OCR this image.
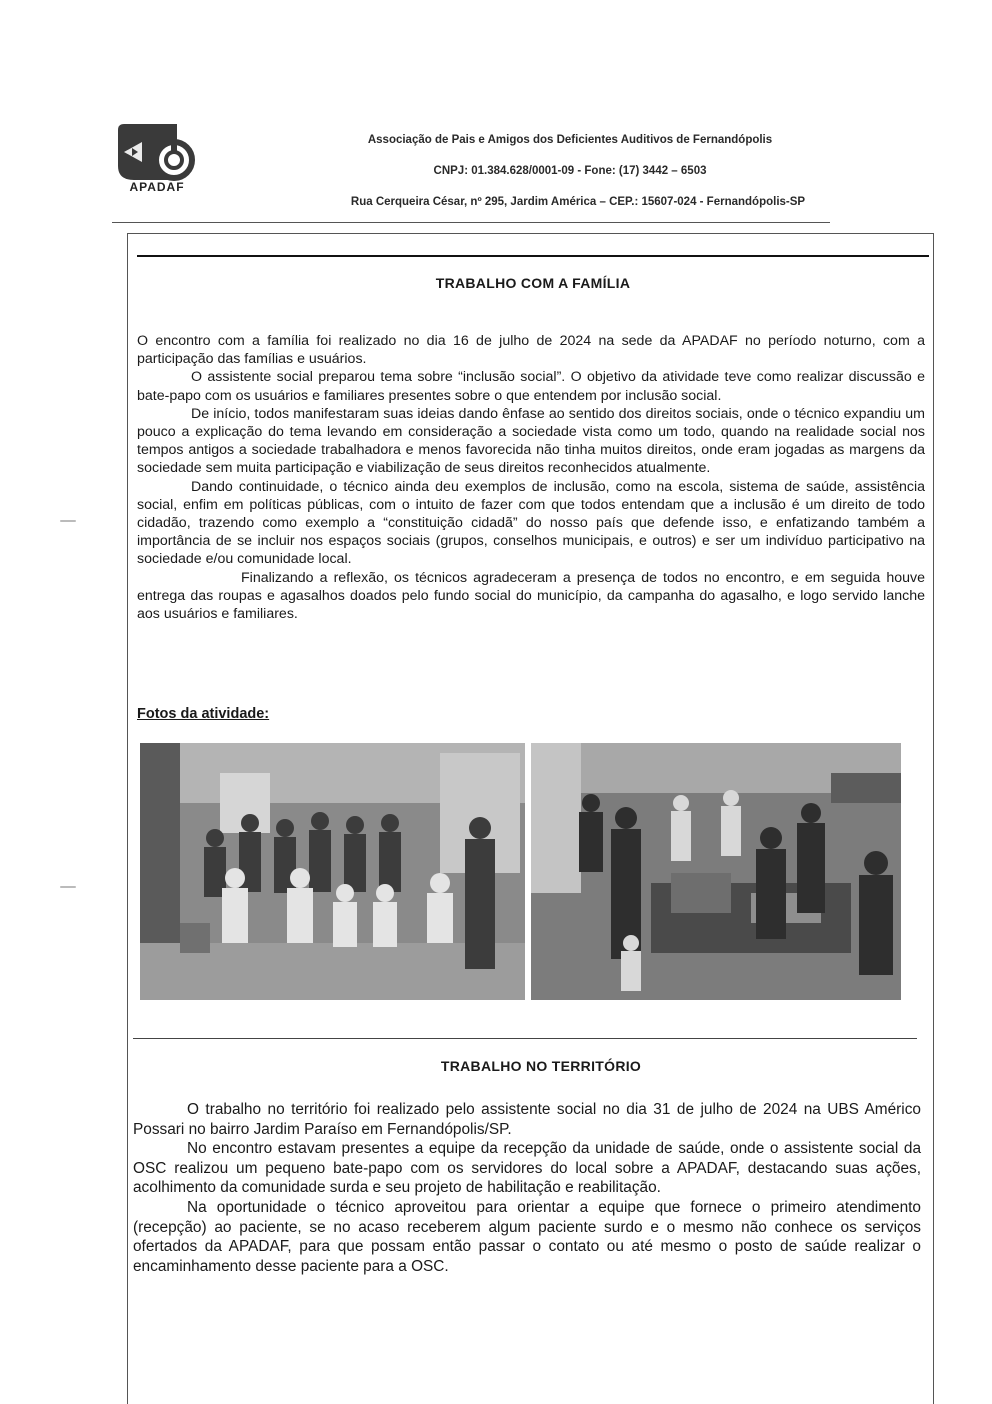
APADAF
Associação de Pais e Amigos dos Deficientes Auditivos de Fernandópolis
CNPJ: 01.384.628/0001-09 - Fone: (17) 3442 – 6503
Rua Cerqueira César, nº 295, Jardim América – CEP.: 15607-024 - Fernandópolis-SP
TRABALHO COM A FAMÍLIA

O encontro com a família foi realizado no dia 16 de julho de 2024 na sede da APADAF no período noturno, com a participação das famílias e usuários.

O assistente social preparou tema sobre “inclusão social”. O objetivo da atividade teve como realizar discussão e bate-papo com os usuários e familiares presentes sobre o que entendem por inclusão social.

De início, todos manifestaram suas ideias dando ênfase ao sentido dos direitos sociais, onde o técnico expandiu um pouco a explicação do tema levando em consideração a sociedade vista como um todo, quando na realidade social nos tempos antigos a sociedade trabalhadora e menos favorecida não tinha muitos direitos, onde eram jogadas as margens da sociedade sem muita participação e viabilização de seus direitos reconhecidos atualmente.

Dando continuidade, o técnico ainda deu exemplos de inclusão, como na escola, sistema de saúde, assistência social, enfim em políticas públicas, com o intuito de fazer com que todos entendam que a inclusão é um direito de todo cidadão, trazendo como exemplo a “constituição cidadã” do nosso país que defende isso, e enfatizando também a importância de se incluir nos espaços sociais (grupos, conselhos municipais, e outros) e ser um indivíduo participativo na sociedade e/ou comunidade local.

Finalizando a reflexão, os técnicos agradeceram a presença de todos no encontro, e em seguida houve entrega das roupas e agasalhos doados pelo fundo social do município, da campanha do agasalho, e logo servido lanche aos usuários e familiares.

Fotos da atividade:
TRABALHO NO TERRITÓRIO

O trabalho no território foi realizado pelo assistente social no dia 31 de julho de 2024 na UBS Américo Possari no bairro Jardim Paraíso em Fernandópolis/SP.

No encontro estavam presentes a equipe da recepção da unidade de saúde, onde o assistente social da OSC realizou um pequeno bate-papo com os servidores do local sobre a APADAF, destacando suas ações, acolhimento da comunidade surda e seu projeto de habilitação e reabilitação.

Na oportunidade o técnico aproveitou para orientar a equipe que fornece o primeiro atendimento (recepção) ao paciente, se no acaso receberem algum paciente surdo e o mesmo não conhece os serviços ofertados da APADAF, para que possam então passar o contato ou até mesmo o posto de saúde realizar o encaminhamento desse paciente para a OSC.
